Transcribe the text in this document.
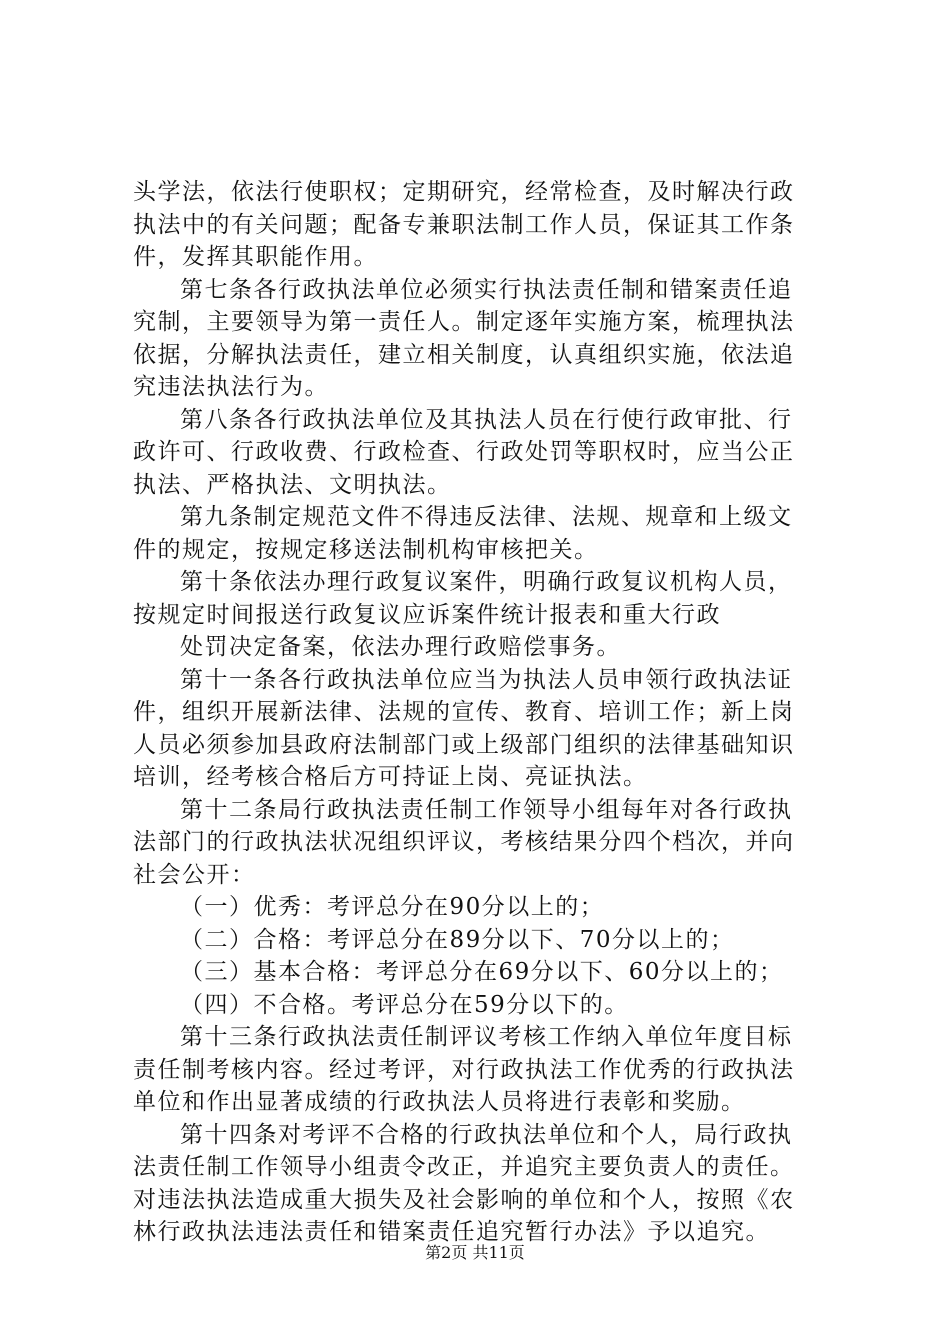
头学法，依法行使职权；定期研究，经常检查，及时解决行政
执法中的有关问题；配备专兼职法制工作人员，保证其工作条
件，发挥其职能作用。
第七条各行政执法单位必须实行执法责任制和错案责任追
究制，主要领导为第一责任人。制定逐年实施方案，梳理执法
依据，分解执法责任，建立相关制度，认真组织实施，依法追
究违法执法行为。
第八条各行政执法单位及其执法人员在行使行政审批、行
政许可、行政收费、行政检查、行政处罚等职权时，应当公正
执法、严格执法、文明执法。
第九条制定规范文件不得违反法律、法规、规章和上级文
件的规定，按规定移送法制机构审核把关。
第十条依法办理行政复议案件，明确行政复议机构人员，
按规定时间报送行政复议应诉案件统计报表和重大行政
处罚决定备案，依法办理行政赔偿事务。
第十一条各行政执法单位应当为执法人员申领行政执法证
件，组织开展新法律、法规的宣传、教育、培训工作；新上岗
人员必须参加县政府法制部门或上级部门组织的法律基础知识
培训，经考核合格后方可持证上岗、亮证执法。
第十二条局行政执法责任制工作领导小组每年对各行政执
法部门的行政执法状况组织评议，考核结果分四个档次，并向
社会公开：
（一）优秀：考评总分在90分以上的；
（二）合格：考评总分在89分以下、70分以上的；
（三）基本合格：考评总分在69分以下、60分以上的；
（四）不合格。考评总分在59分以下的。
第十三条行政执法责任制评议考核工作纳入单位年度目标
责任制考核内容。经过考评，对行政执法工作优秀的行政执法
单位和作出显著成绩的行政执法人员将进行表彰和奖励。
第十四条对考评不合格的行政执法单位和个人，局行政执
法责任制工作领导小组责令改正，并追究主要负责人的责任。
对违法执法造成重大损失及社会影响的单位和个人，按照《农
林行政执法违法责任和错案责任追究暂行办法》予以追究。
第2页 共11页
